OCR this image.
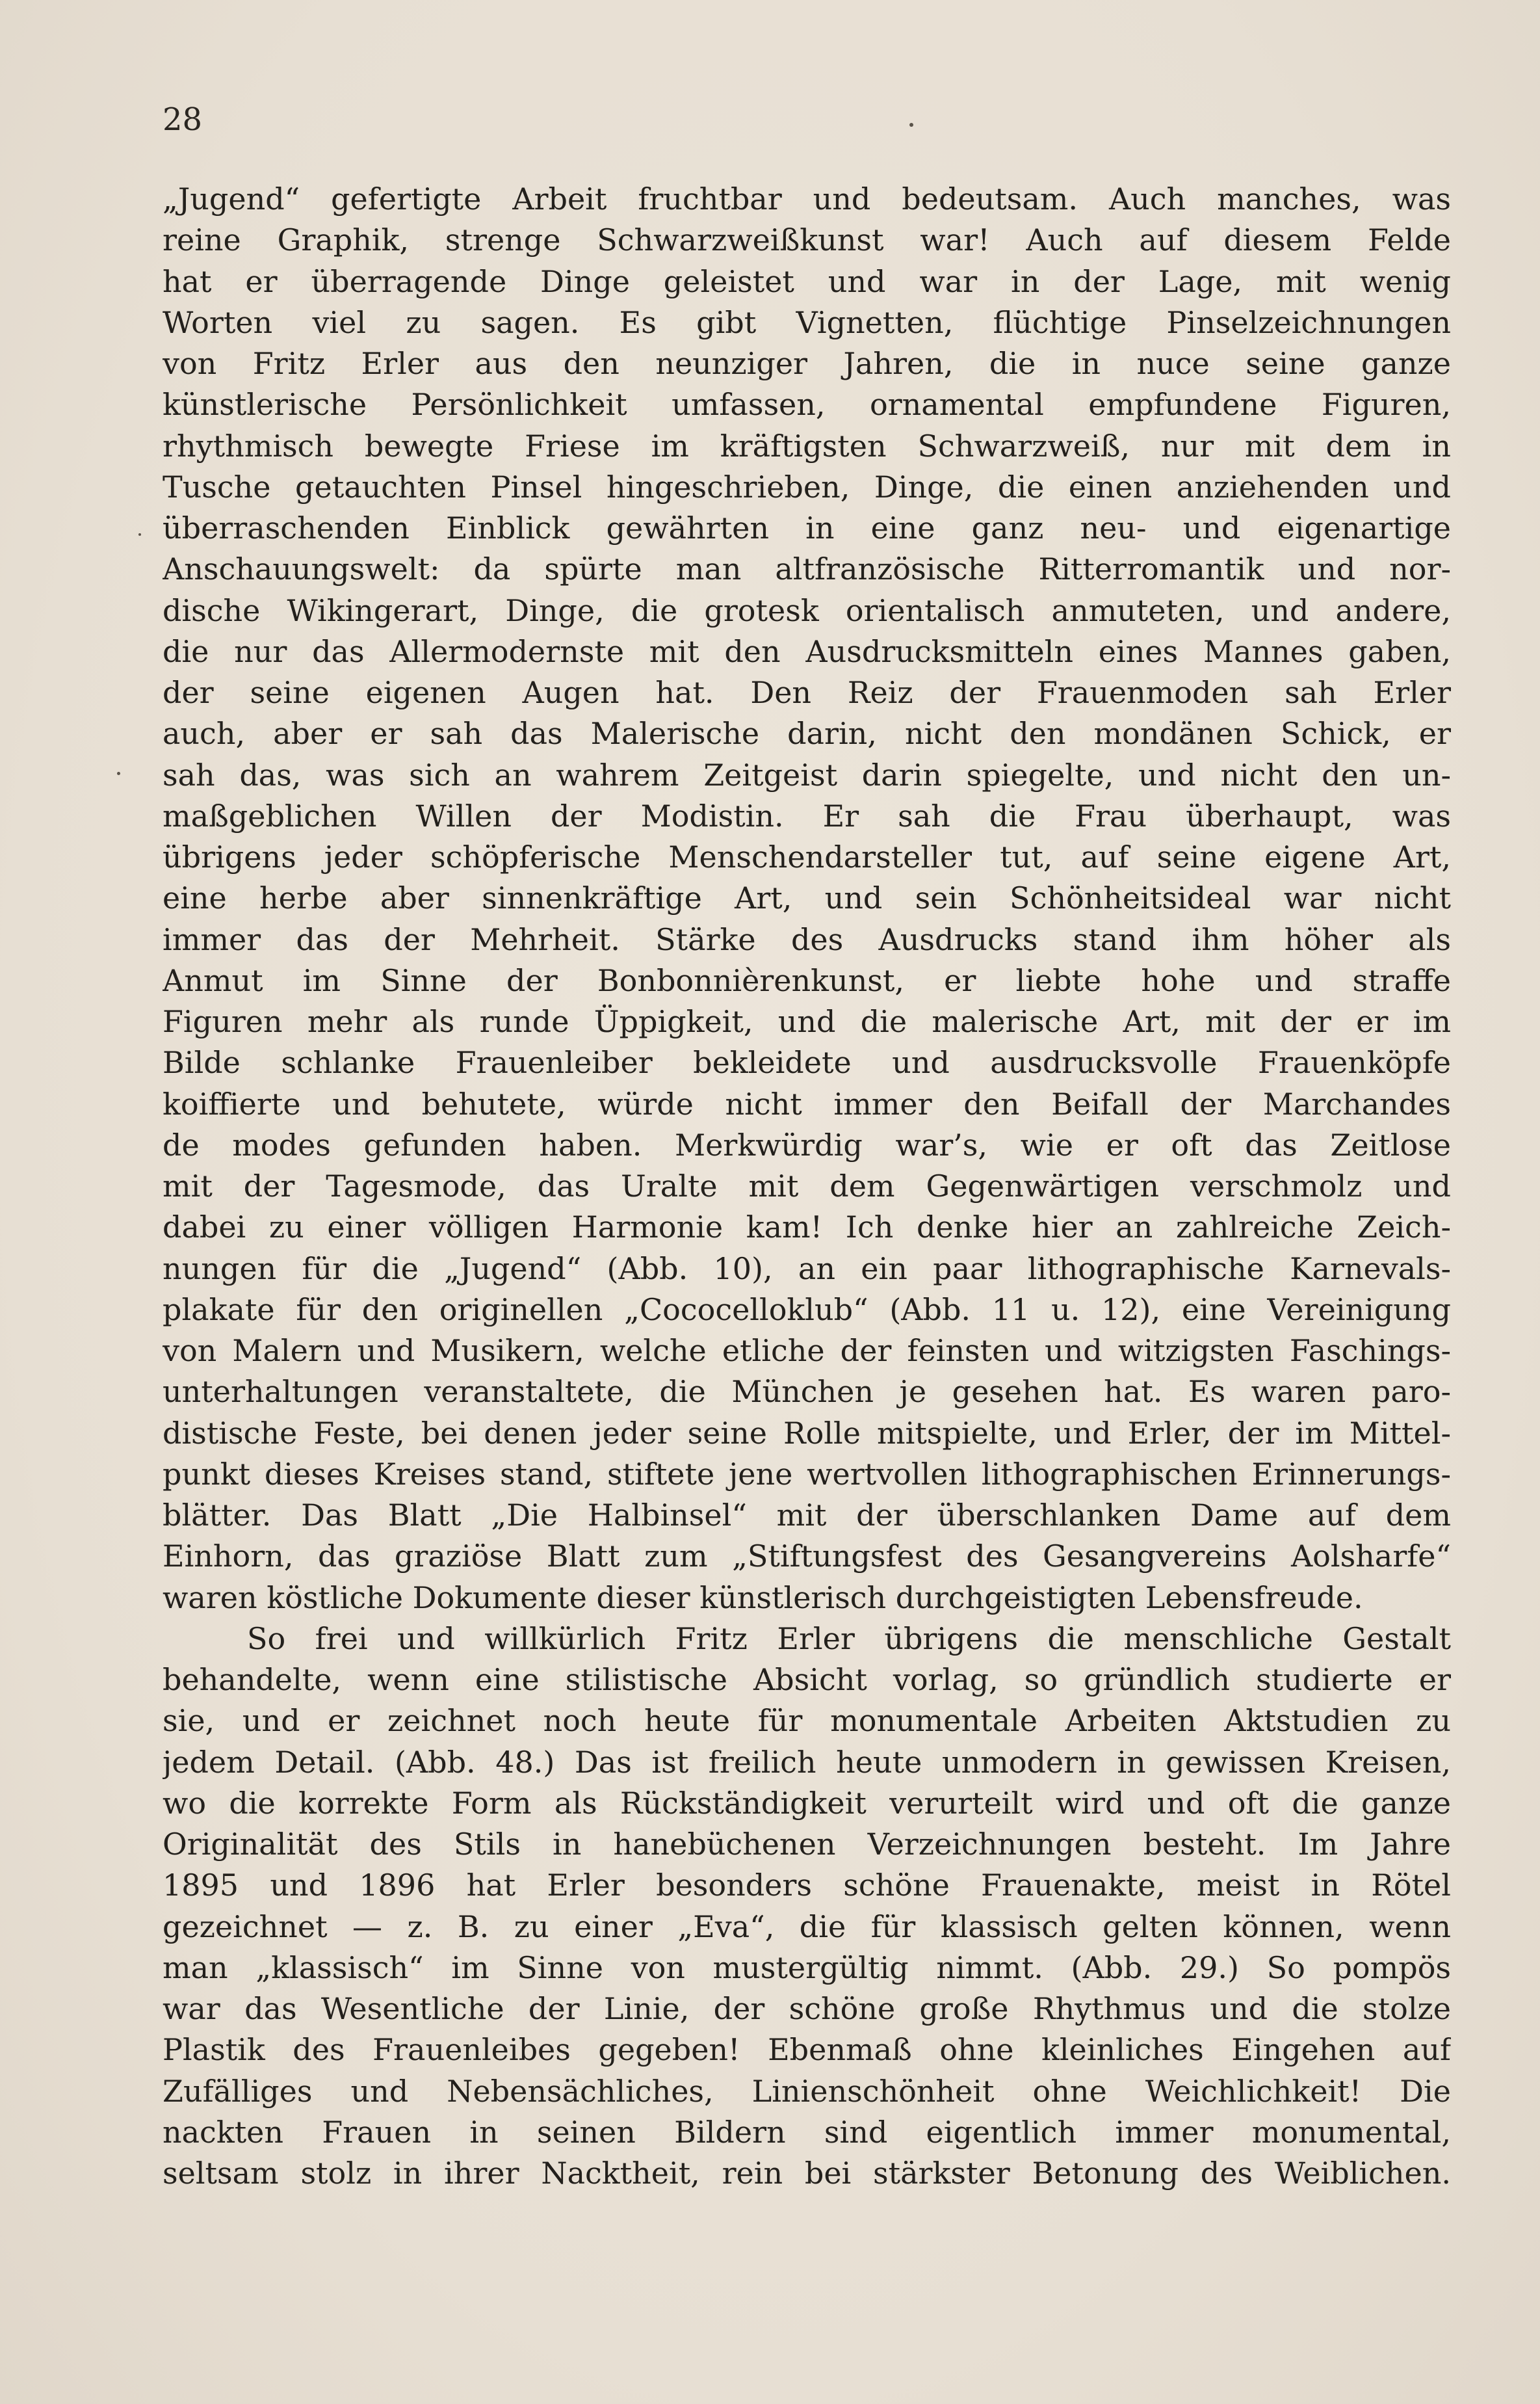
28
„Jugend“ gefertigte Arbeit fruchtbar und bedeutsam. Auch manches, was
reine Graphik, strenge Schwarzweißkunst war! Auch auf diesem Felde
hat er überragende Dinge geleistet und war in der Lage, mit wenig
Worten viel zu sagen. Es gibt Vignetten, flüchtige Pinselzeichnungen
von Fritz Erler aus den neunziger Jahren, die in nuce seine ganze
künstlerische Persönlichkeit umfassen, ornamental empfundene Figuren,
rhythmisch bewegte Friese im kräftigsten Schwarzweiß, nur mit dem in
Tusche getauchten Pinsel hingeschrieben, Dinge, die einen anziehenden und
überraschenden Einblick gewährten in eine ganz neu- und eigenartige
Anschauungswelt: da spürte man altfranzösische Ritterromantik und nor-
dische Wikingerart, Dinge, die grotesk orientalisch anmuteten, und andere,
die nur das Allermodernste mit den Ausdrucksmitteln eines Mannes gaben,
der seine eigenen Augen hat. Den Reiz der Frauenmoden sah Erler
auch, aber er sah das Malerische darin, nicht den mondänen Schick, er
sah das, was sich an wahrem Zeitgeist darin spiegelte, und nicht den un-
maßgeblichen Willen der Modistin. Er sah die Frau überhaupt, was
übrigens jeder schöpferische Menschendarsteller tut, auf seine eigene Art,
eine herbe aber sinnenkräftige Art, und sein Schönheitsideal war nicht
immer das der Mehrheit. Stärke des Ausdrucks stand ihm höher als
Anmut im Sinne der Bonbonnièrenkunst, er liebte hohe und straffe
Figuren mehr als runde Üppigkeit, und die malerische Art, mit der er im
Bilde schlanke Frauenleiber bekleidete und ausdrucksvolle Frauenköpfe
koiffierte und behutete, würde nicht immer den Beifall der Marchandes
de modes gefunden haben. Merkwürdig war’s, wie er oft das Zeitlose
mit der Tagesmode, das Uralte mit dem Gegenwärtigen verschmolz und
dabei zu einer völligen Harmonie kam! Ich denke hier an zahlreiche Zeich-
nungen für die „Jugend“ (Abb. 10), an ein paar lithographische Karnevals-
plakate für den originellen „Cococelloklub“ (Abb. 11 u. 12), eine Vereinigung
von Malern und Musikern, welche etliche der feinsten und witzigsten Faschings-
unterhaltungen veranstaltete, die München je gesehen hat. Es waren paro-
distische Feste, bei denen jeder seine Rolle mitspielte, und Erler, der im Mittel-
punkt dieses Kreises stand, stiftete jene wertvollen lithographischen Erinnerungs-
blätter. Das Blatt „Die Halbinsel“ mit der überschlanken Dame auf dem
Einhorn, das graziöse Blatt zum „Stiftungsfest des Gesangvereins Aolsharfe“
waren köstliche Dokumente dieser künstlerisch durchgeistigten Lebensfreude.
So frei und willkürlich Fritz Erler übrigens die menschliche Gestalt
behandelte, wenn eine stilistische Absicht vorlag, so gründlich studierte er
sie, und er zeichnet noch heute für monumentale Arbeiten Aktstudien zu
jedem Detail. (Abb. 48.) Das ist freilich heute unmodern in gewissen Kreisen,
wo die korrekte Form als Rückständigkeit verurteilt wird und oft die ganze
Originalität des Stils in hanebüchenen Verzeichnungen besteht. Im Jahre
1895 und 1896 hat Erler besonders schöne Frauenakte, meist in Rötel
gezeichnet — z. B. zu einer „Eva“, die für klassisch gelten können, wenn
man „klassisch“ im Sinne von mustergültig nimmt. (Abb. 29.) So pompös
war das Wesentliche der Linie, der schöne große Rhythmus und die stolze
Plastik des Frauenleibes gegeben! Ebenmaß ohne kleinliches Eingehen auf
Zufälliges und Nebensächliches, Linienschönheit ohne Weichlichkeit! Die
nackten Frauen in seinen Bildern sind eigentlich immer monumental,
seltsam stolz in ihrer Nacktheit, rein bei stärkster Betonung des Weiblichen.
